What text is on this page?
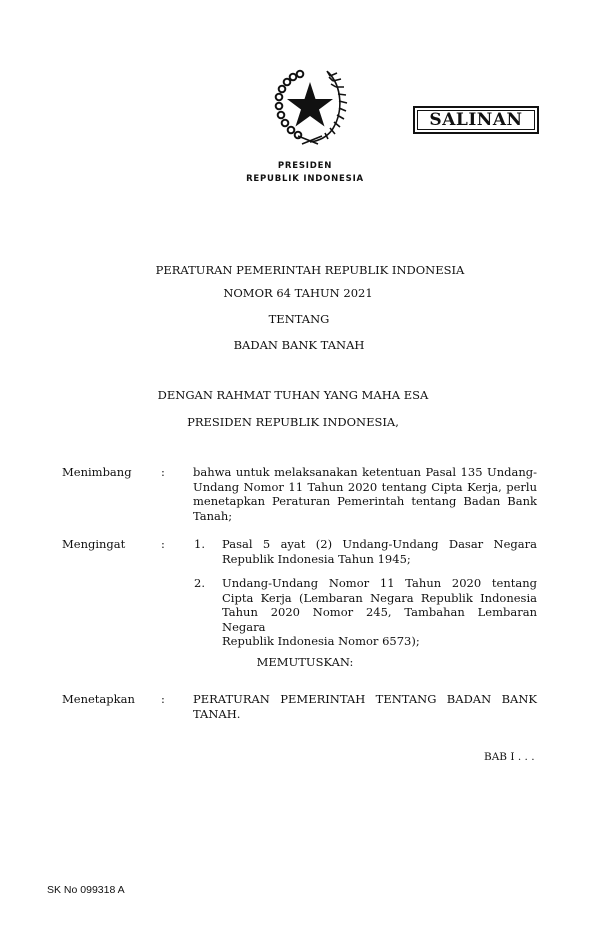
SALINAN
PRESIDEN
REPUBLIK INDONESIA
PERATURAN PEMERINTAH REPUBLIK INDONESIA
NOMOR 64 TAHUN 2021
TENTANG
BADAN BANK TANAH
DENGAN RAHMAT TUHAN YANG MAHA ESA
PRESIDEN REPUBLIK INDONESIA,
Menimbang	: bahwa untuk melaksanakan ketentuan Pasal 135 Undang-
Undang Nomor 11 Tahun 2020 tentang Cipta Kerja, perlu
menetapkan Peraturan Pemerintah tentang Badan Bank
Tanah;
Mengingat	:	1. Pasal 5 ayat (2) Undang-Undang Dasar Negara
Republik Indonesia Tahun 1945;
2. Undang-Undang Nomor 11 Tahun 2020 tentang
Cipta Kerja (Lembaran Negara Republik Indonesia
Tahun 2020 Nomor 245, Tambahan Lembaran Negara
Republik Indonesia Nomor 6573);
MEMUTUSKAN:
Menetapkan : PERATURAN PEMERINTAH TENTANG BADAN BANK
TANAH.
BAB I . . .
SK No 099318 A
